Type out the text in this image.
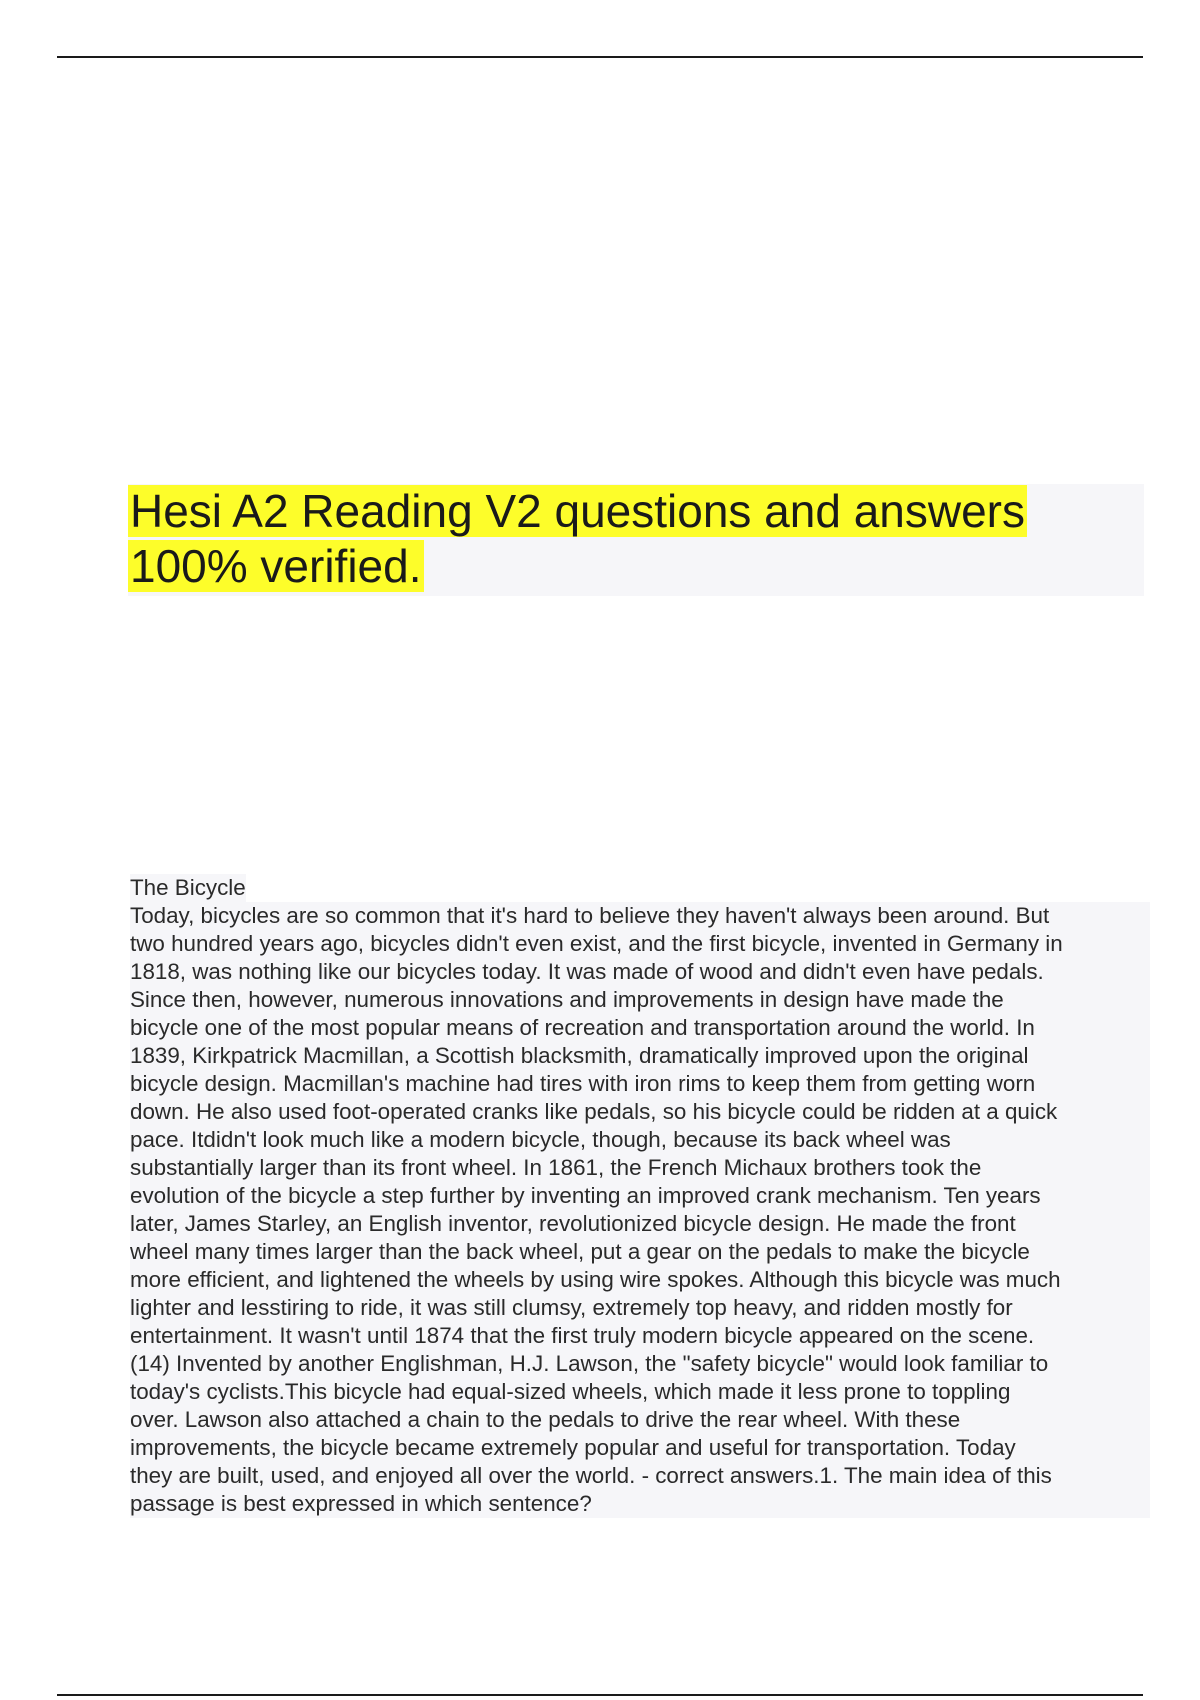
Hesi A2 Reading V2 questions and answers
100% verified.
The Bicycle
Today, bicycles are so common that it's hard to believe they haven't always been around. But
two hundred years ago, bicycles didn't even exist, and the first bicycle, invented in Germany in
1818, was nothing like our bicycles today. It was made of wood and didn't even have pedals.
Since then, however, numerous innovations and improvements in design have made the
bicycle one of the most popular means of recreation and transportation around the world. In
1839, Kirkpatrick Macmillan, a Scottish blacksmith, dramatically improved upon the original
bicycle design. Macmillan's machine had tires with iron rims to keep them from getting worn
down. He also used foot-operated cranks like pedals, so his bicycle could be ridden at a quick
pace. Itdidn't look much like a modern bicycle, though, because its back wheel was
substantially larger than its front wheel. In 1861, the French Michaux brothers took the
evolution of the bicycle a step further by inventing an improved crank mechanism. Ten years
later, James Starley, an English inventor, revolutionized bicycle design. He made the front
wheel many times larger than the back wheel, put a gear on the pedals to make the bicycle
more efficient, and lightened the wheels by using wire spokes. Although this bicycle was much
lighter and lesstiring to ride, it was still clumsy, extremely top heavy, and ridden mostly for
entertainment. It wasn't until 1874 that the first truly modern bicycle appeared on the scene.
(14) Invented by another Englishman, H.J. Lawson, the "safety bicycle" would look familiar to
today's cyclists.This bicycle had equal-sized wheels, which made it less prone to toppling
over. Lawson also attached a chain to the pedals to drive the rear wheel. With these
improvements, the bicycle became extremely popular and useful for transportation. Today
they are built, used, and enjoyed all over the world. - correct answers.1. The main idea of this
passage is best expressed in which sentence?
